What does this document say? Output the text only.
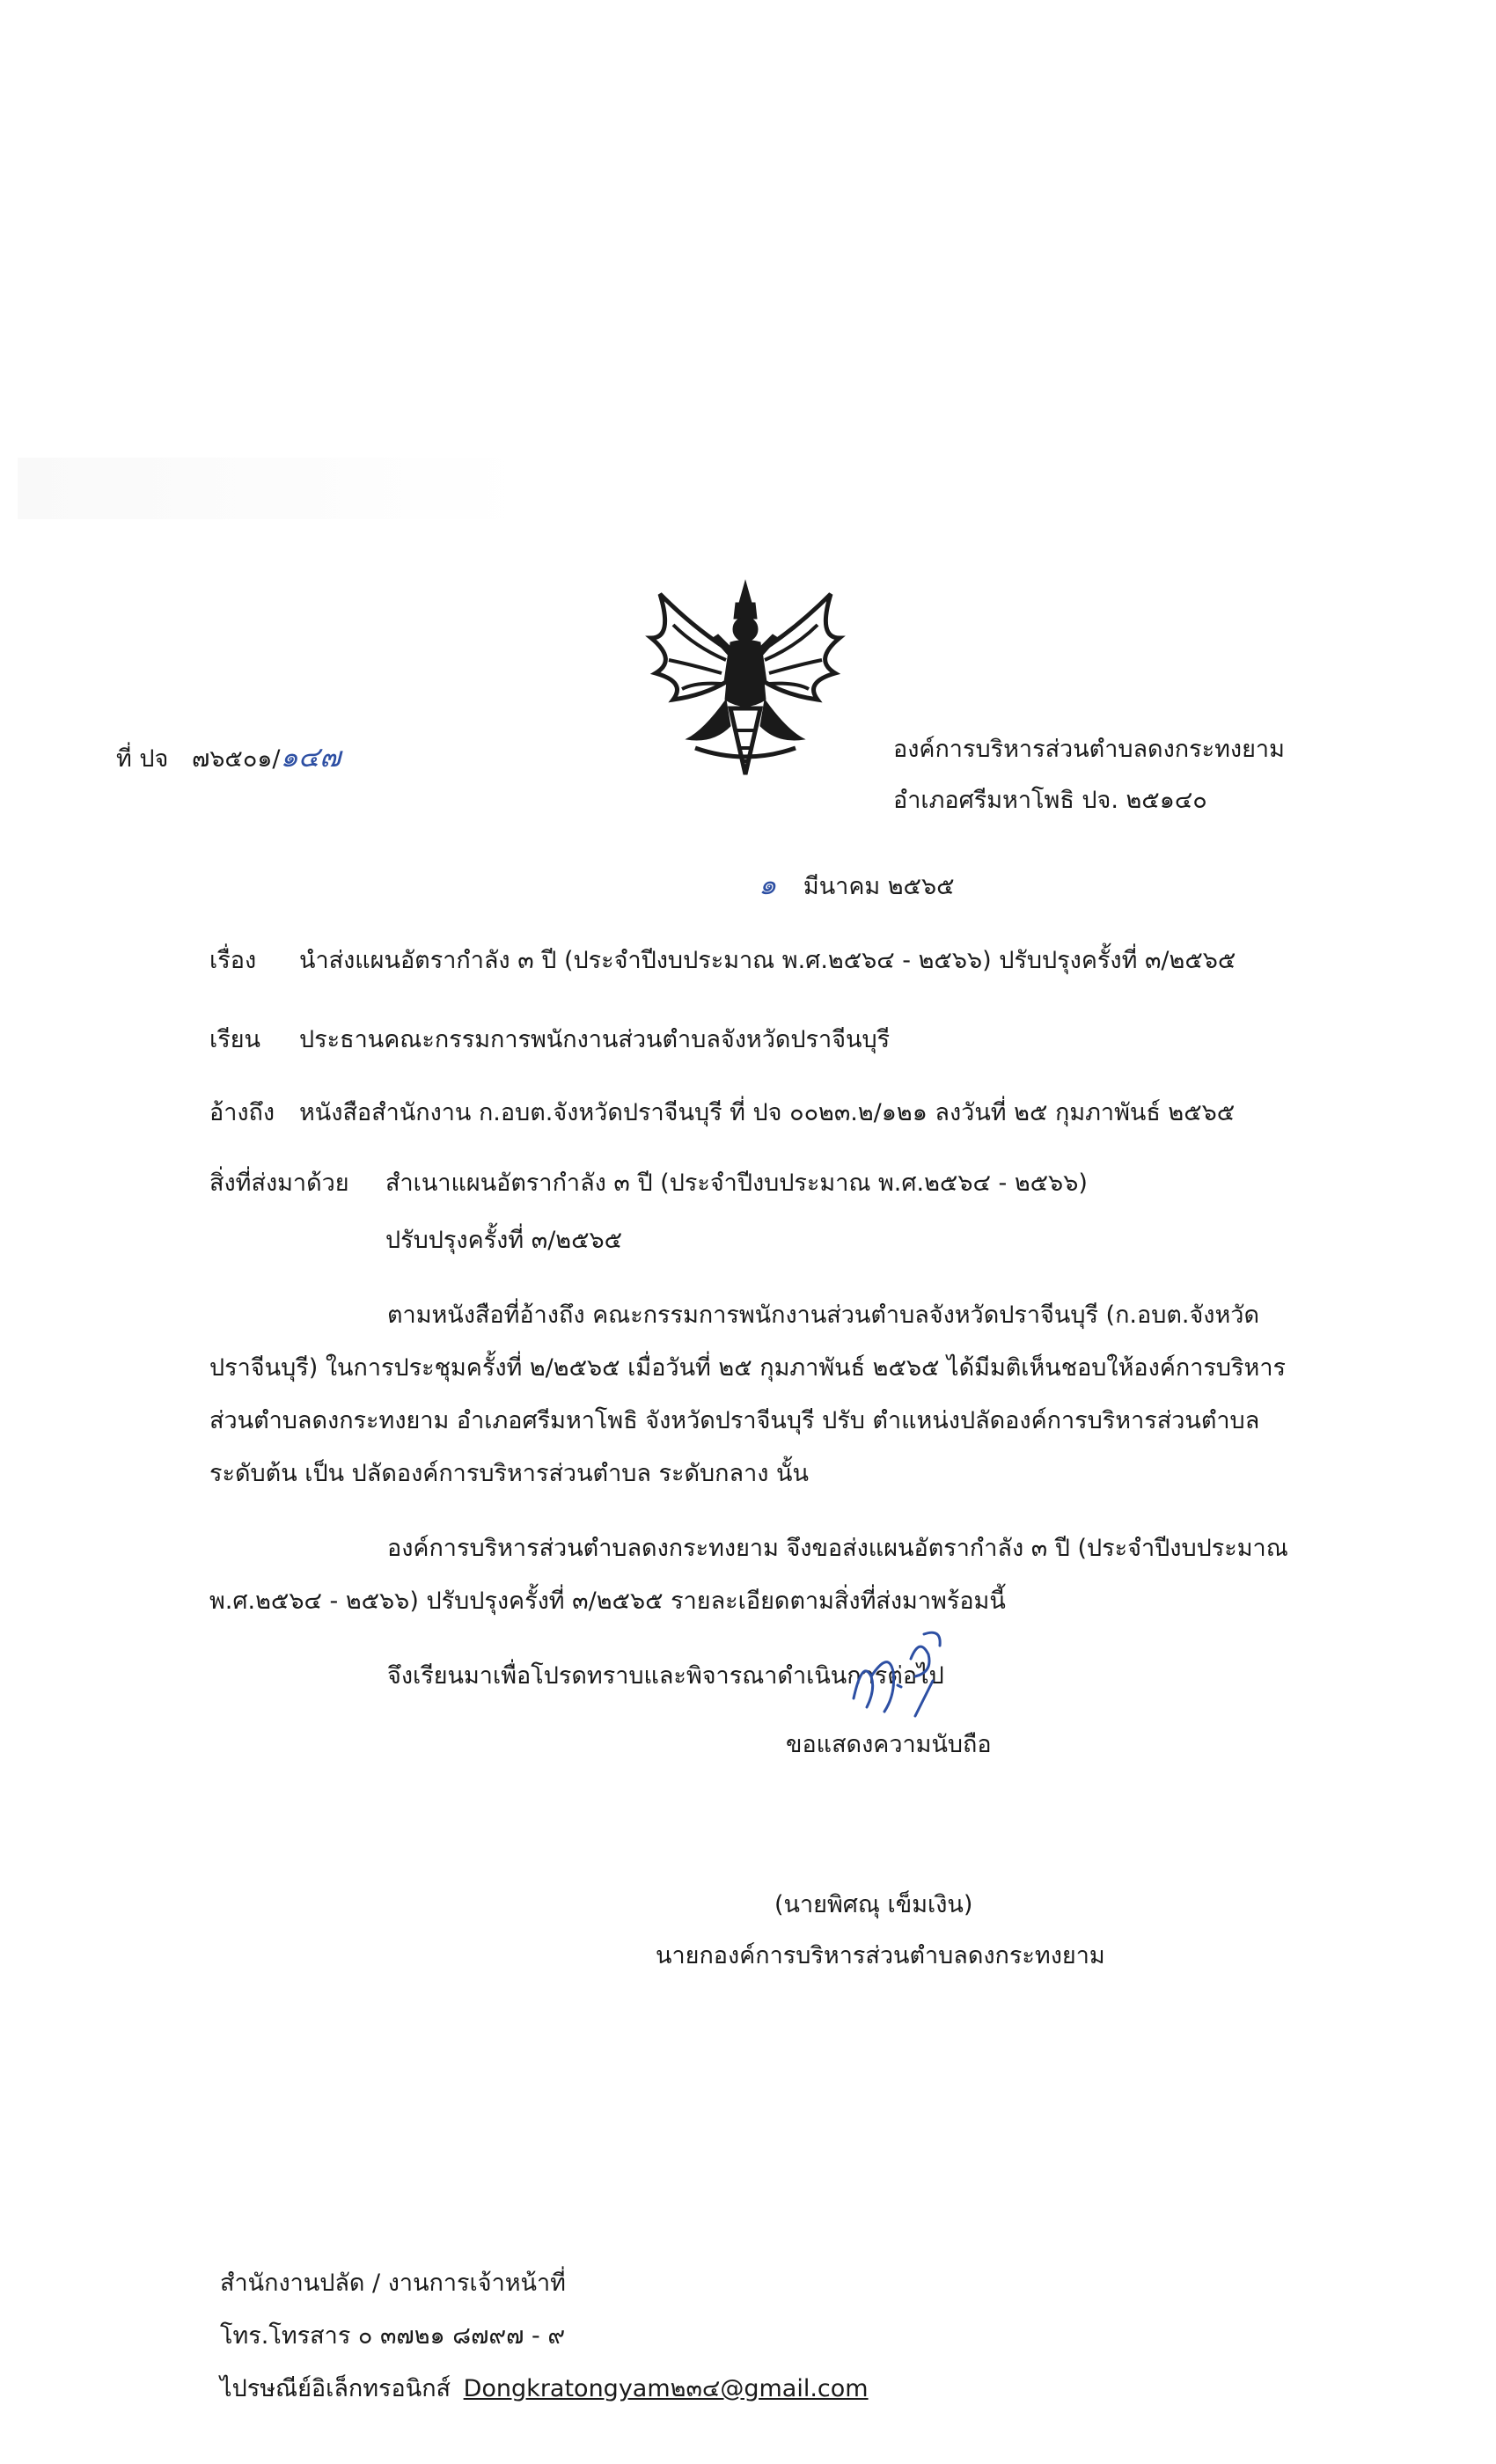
ที่ ปจ ๗๖๕๐๑/๑๔๗	องค์การบริหารส่วนตำบลดงกระทงยาม
อำเภอศรีมหาโพธิ ปจ. ๒๕๑๔๐
๑ มีนาคม ๒๕๖๕
เรื่อง นำส่งแผนอัตรากำลัง ๓ ปี (ประจำปีงบประมาณ พ.ศ.๒๕๖๔ - ๒๕๖๖) ปรับปรุงครั้งที่ ๓/๒๕๖๕
เรียน ประธานคณะกรรมการพนักงานส่วนตำบลจังหวัดปราจีนบุรี
อ้างถึง หนังสือสำนักงาน ก.อบต.จังหวัดปราจีนบุรี ที่ ปจ ๐๐๒๓.๒/๑๒๑ ลงวันที่ ๒๕ กุมภาพันธ์ ๒๕๖๕
สิ่งที่ส่งมาด้วย สำเนาแผนอัตรากำลัง ๓ ปี (ประจำปีงบประมาณ พ.ศ.๒๕๖๔ - ๒๕๖๖)
ปรับปรุงครั้งที่ ๓/๒๕๖๕
ตามหนังสือที่อ้างถึง คณะกรรมการพนักงานส่วนตำบลจังหวัดปราจีนบุรี (ก.อบต.จังหวัด
ปราจีนบุรี) ในการประชุมครั้งที่ ๒/๒๕๖๕ เมื่อวันที่ ๒๕ กุมภาพันธ์ ๒๕๖๕ ได้มีมติเห็นชอบให้องค์การบริหาร
ส่วนตำบลดงกระทงยาม อำเภอศรีมหาโพธิ จังหวัดปราจีนบุรี ปรับ ตำแหน่งปลัดองค์การบริหารส่วนตำบล
ระดับต้น เป็น ปลัดองค์การบริหารส่วนตำบล ระดับกลาง นั้น
องค์การบริหารส่วนตำบลดงกระทงยาม จึงขอส่งแผนอัตรากำลัง ๓ ปี (ประจำปีงบประมาณ
พ.ศ.๒๕๖๔ - ๒๕๖๖) ปรับปรุงครั้งที่ ๓/๒๕๖๕ รายละเอียดตามสิ่งที่ส่งมาพร้อมนี้
จึงเรียนมาเพื่อโปรดทราบและพิจารณาดำเนินการต่อไป
ขอแสดงความนับถือ
(นายพิศณุ เข็มเงิน)
นายกองค์การบริหารส่วนตำบลดงกระทงยาม
สำนักงานปลัด / งานการเจ้าหน้าที่
โทร.โทรสาร ๐ ๓๗๒๑ ๘๗๙๗ - ๙
ไปรษณีย์อิเล็กทรอนิกส์ Dongkratongyam๒๓๔@gmail.com
